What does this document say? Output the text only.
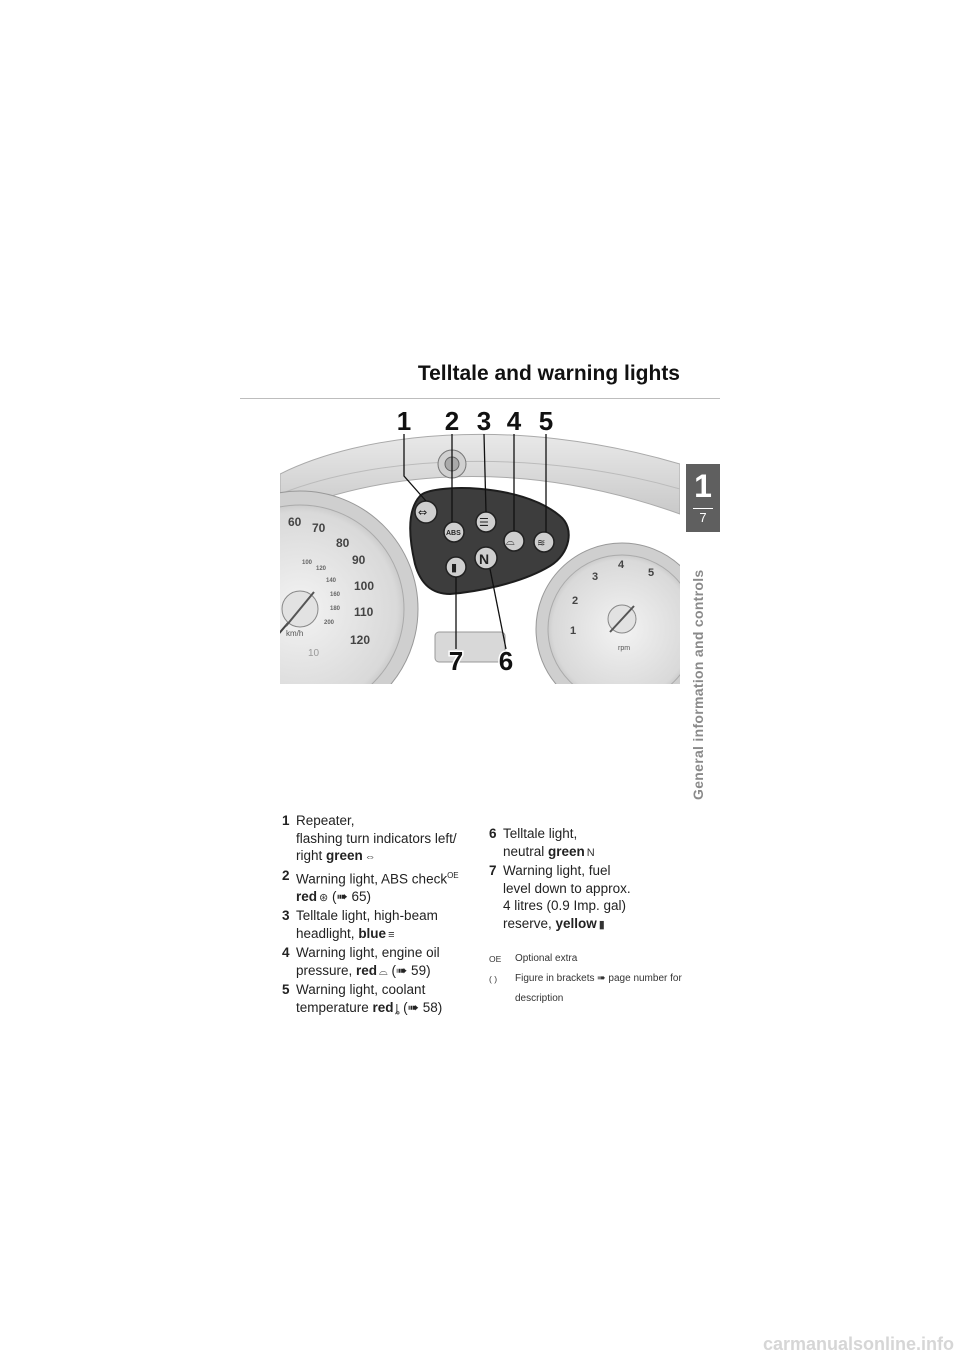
Telltale and warning lights
1
7
General information and controls
60 70
80
90
100
110
120
100
120
140
160
180
200
km/h
10
1
2
3
4
5
rpm
⇔
ABS
☰
⌓ ≋
▮
N
1 2 3 4 5
7 6
1 Repeater,
flashing turn indicators left/
right green ⇔
2 Warning light, ABS check$^{OE}$
red ⊛ (➠ 65)
3 Telltale light, high-beam
headlight, blue ≡
4 Warning light, engine oil
pressure, red ⌓ (➠ 59)
5 Warning light, coolant
temperature red ȴ (➠ 58)
6 Telltale light,
neutral green N
7 Warning light, fuel
level down to approx.
4 litres (0.9 Imp. gal)
reserve, yellow ▮
OE Optional extra
( ) Figure in brackets ➠ page number for
description
carmanualsonline.info
